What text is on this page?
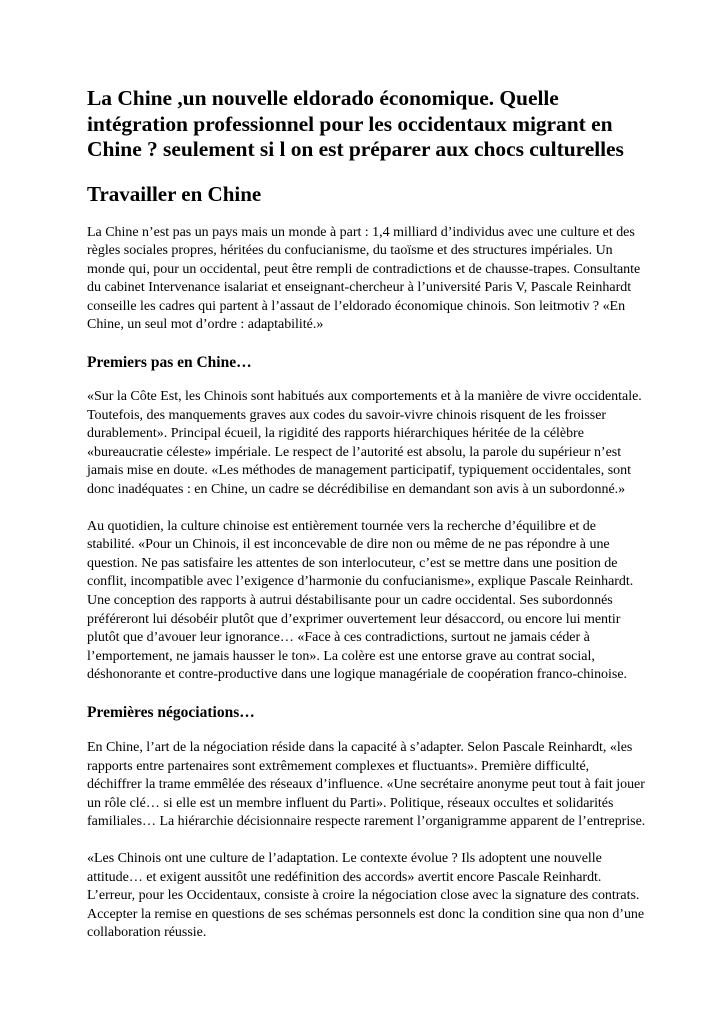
La Chine ,un nouvelle eldorado économique. Quelle intégration professionnel pour les occidentaux migrant en Chine ? seulement si l on est préparer aux chocs culturelles
Travailler en Chine

La Chine n’est pas un pays mais un monde à part : 1,4 milliard d’individus avec une culture et des règles sociales propres, héritées du confucianisme, du taoïsme et des structures impériales. Un monde qui, pour un occidental, peut être rempli de contradictions et de chausse-trapes. Consultante du cabinet Intervenance isalariat et enseignant-chercheur à l’université Paris V, Pascale Reinhardt conseille les cadres qui partent à l’assaut de l’eldorado économique chinois. Son leitmotiv ? «En Chine, un seul mot d’ordre : adaptabilité.»

Premiers pas en Chine…

«Sur la Côte Est, les Chinois sont habitués aux comportements et à la manière de vivre occidentale. Toutefois, des manquements graves aux codes du savoir-vivre chinois risquent de les froisser durablement». Principal écueil, la rigidité des rapports hiérarchiques héritée de la célèbre «bureaucratie céleste» impériale. Le respect de l’autorité est absolu, la parole du supérieur n’est jamais mise en doute. «Les méthodes de management participatif, typiquement occidentales, sont donc inadéquates : en Chine, un cadre se décrédibilise en demandant son avis à un subordonné.»

Au quotidien, la culture chinoise est entièrement tournée vers la recherche d’équilibre et de stabilité. «Pour un Chinois, il est inconcevable de dire non ou même de ne pas répondre à une question. Ne pas satisfaire les attentes de son interlocuteur, c’est se mettre dans une position de conflit, incompatible avec l’exigence d’harmonie du confucianisme», explique Pascale Reinhardt. Une conception des rapports à autrui déstabilisante pour un cadre occidental. Ses subordonnés préféreront lui désobéir plutôt que d’exprimer ouvertement leur désaccord, ou encore lui mentir plutôt que d’avouer leur ignorance… «Face à ces contradictions, surtout ne jamais céder à l’emportement, ne jamais hausser le ton». La colère est une entorse grave au contrat social, déshonorante et contre-productive dans une logique managériale de coopération franco-chinoise.

Premières négociations…

En Chine, l’art de la négociation réside dans la capacité à s’adapter. Selon Pascale Reinhardt, «les rapports entre partenaires sont extrêmement complexes et fluctuants». Première difficulté, déchiffrer la trame emmêlée des réseaux d’influence. «Une secrétaire anonyme peut tout à fait jouer un rôle clé… si elle est un membre influent du Parti». Politique, réseaux occultes et solidarités familiales… La hiérarchie décisionnaire respecte rarement l’organigramme apparent de l’entreprise.

«Les Chinois ont une culture de l’adaptation. Le contexte évolue ? Ils adoptent une nouvelle attitude… et exigent aussitôt une redéfinition des accords» avertit encore Pascale Reinhardt. L’erreur, pour les Occidentaux, consiste à croire la négociation close avec la signature des contrats. Accepter la remise en questions de ses schémas personnels est donc la condition sine qua non d’une collaboration réussie.
